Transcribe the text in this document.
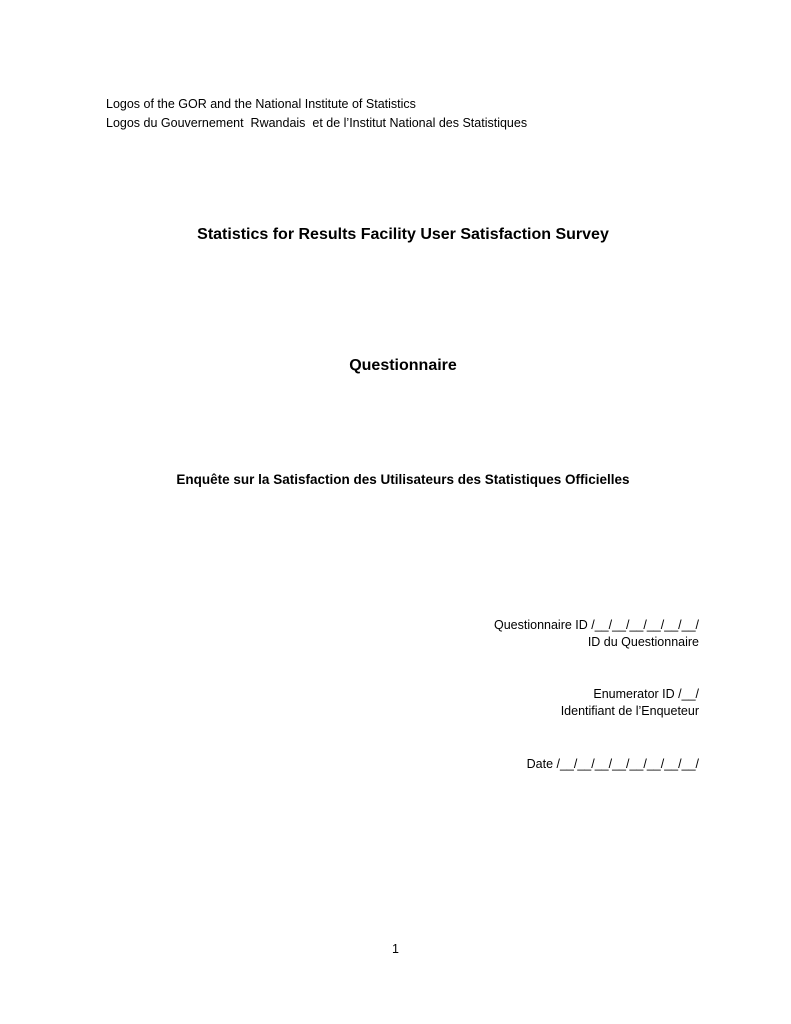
Logos of the GOR and the National Institute of Statistics
Logos du Gouvernement  Rwandais  et de l’Institut National des Statistiques
Statistics for Results Facility User Satisfaction Survey
Questionnaire
Enquête sur la Satisfaction des Utilisateurs des Statistiques Officielles
Questionnaire ID /__/__/__/__/__/__/
ID du Questionnaire
Enumerator ID /__/
Identifiant de l’Enqueteur
Date /__/__/__/__/__/__/__/__/
1
